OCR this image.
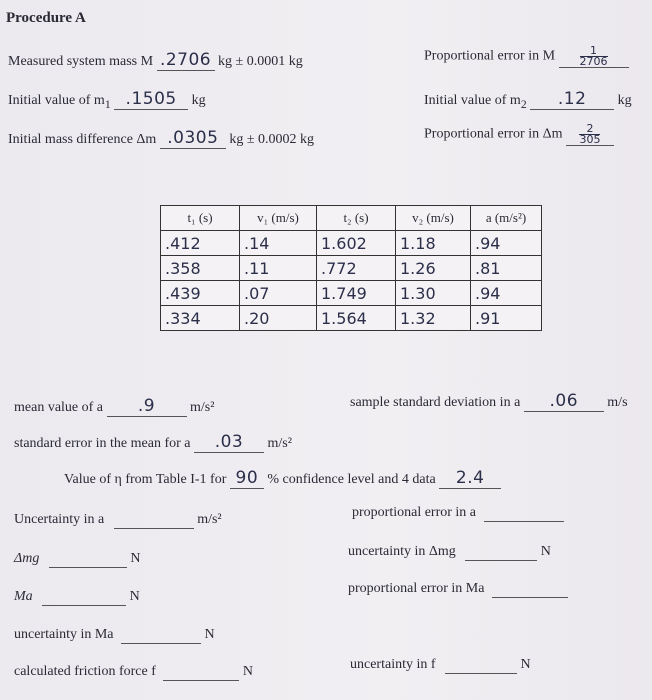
Procedure A
Measured system mass M .2706 kg ± 0.0001 kg	Proportional error in M $\frac{1}{2706}$
Initial value of $m_1$ .1505 kg	Initial value of $m_2$ .12 kg
Initial mass difference Δm .0305 kg ± 0.0002 kg	Proportional error in Δm $\frac{2}{305}$
t₁ (s)	v₁ (m/s)	t₂ (s)	v₂ (m/s)	a (m/s²)
.412	.14	1.602	1.18	.94
.358	.11	.772	1.26	.81
.439	.07	1.749	1.30	.94
.334	.20	1.564	1.32	.91
mean value of a .9 m/s²	sample standard deviation in a .06 m/s
standard error in the mean for a .03 m/s²
Value of η from Table I-1 for 90 % confidence level and 4 data 2.4
Uncertainty in a	m/s²	proportional error in a
Δmg	N	uncertainty in Δmg	N
Ma	N
proportional error in Ma
uncertainty in Ma	N
calculated friction force f	N	uncertainty in f	N
